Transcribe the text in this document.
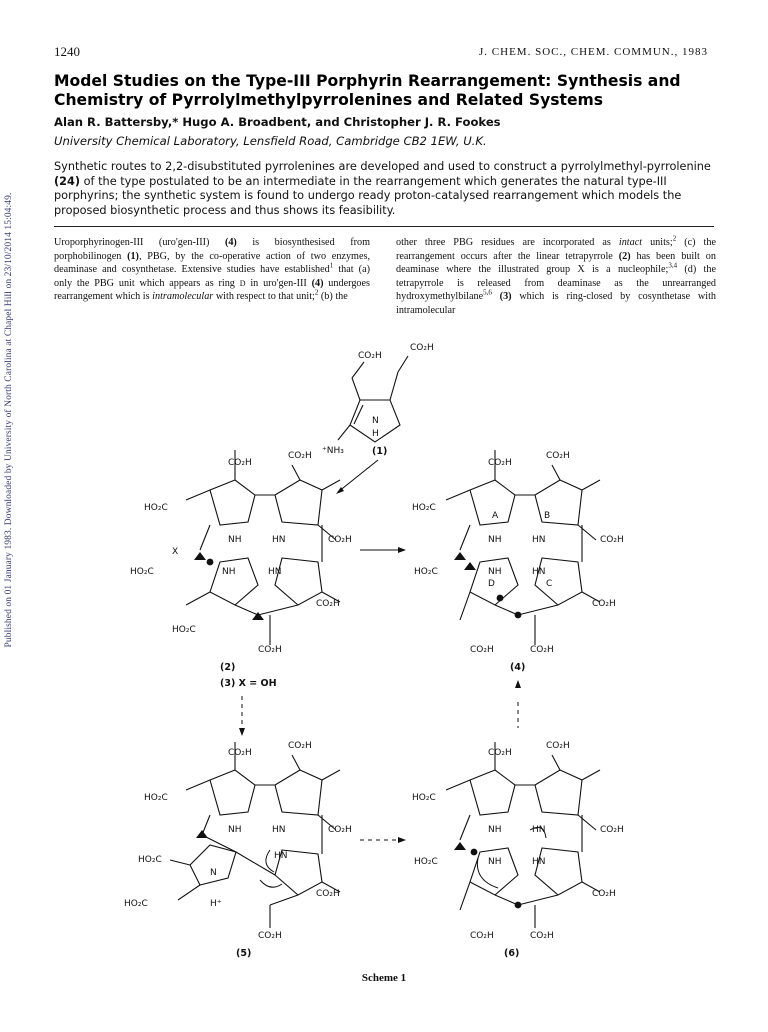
Published on 01 January 1983. Downloaded by University of North Carolina at Chapel Hill on 23/10/2014 15:04:49.
1240	J. CHEM. SOC., CHEM. COMMUN., 1983
Model Studies on the Type-III Porphyrin Rearrangement: Synthesis and Chemistry of Pyrrolylmethylpyrrolenines and Related Systems
Alan R. Battersby,* Hugo A. Broadbent, and Christopher J. R. Fookes
University Chemical Laboratory, Lensfield Road, Cambridge CB2 1EW, U.K.
Synthetic routes to 2,2-disubstituted pyrrolenines are developed and used to construct a pyrrolylmethyl-pyrrolenine (24) of the type postulated to be an intermediate in the rearrangement which generates the natural type-III porphyrins; the synthetic system is found to undergo ready proton-catalysed rearrangement which models the proposed biosynthetic process and thus shows its feasibility.
Uroporphyrinogen-III (uro'gen-III) (4) is biosynthesised from porphobilinogen (1), PBG, by the co-operative action of two enzymes, deaminase and cosynthetase. Extensive studies have established$^1$ that (a) only the PBG unit which appears as ring D in uro'gen-III (4) undergoes rearrangement which is intramolecular with respect to that unit;$^2$ (b) the
other three PBG residues are incorporated as intact units;$^2$ (c) the rearrangement occurs after the linear tetrapyrrole (2) has been built on deaminase where the illustrated group X is a nucleophile;$^{3,4}$ (d) the tetrapyrrole is released from deaminase as the unrearranged hydroxymethylbilane$^{5,6}$ (3) which is ring-closed by cosynthetase with intramolecular
CO₂H
CO₂H
N
H
⁺NH₃	(1)
CO₂H
CO₂H
HO₂C
CO₂H
HO₂C
CO₂H
HO₂C
CO₂H
NH	HN
NH	HN
X
(2)
(3) X = OH
CO₂H
CO₂H
HO₂C
CO₂H
HO₂C
CO₂H
CO₂H	CO₂H
NH	HN
NH	HN
A	B
C
D
(4)
CO₂H
CO₂H
HO₂C
CO₂H
HO₂C
HO₂C
CO₂H
CO₂H
NH	HN
HN
N
H⁺
(5)
CO₂H
CO₂H
HO₂C
CO₂H
HO₂C
CO₂H
CO₂H	CO₂H
NH	HN
NH	HN
(6)
Scheme 1
